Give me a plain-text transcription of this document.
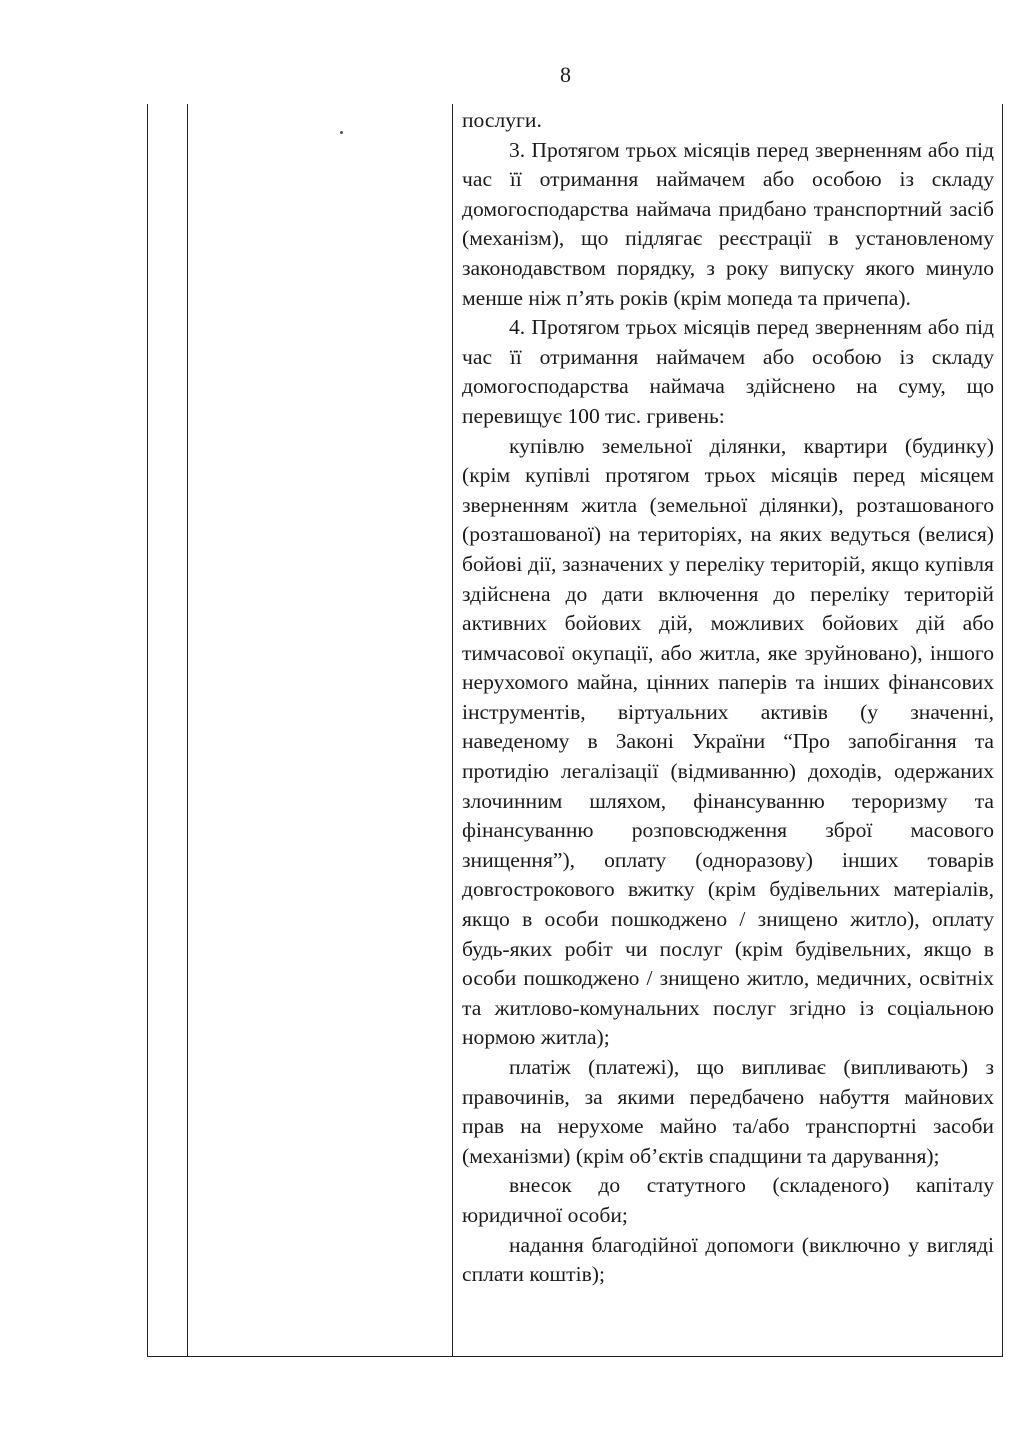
8

послуги.

3. Протягом трьох місяців перед зверненням або під час її отримання наймачем або особою із складу домогосподарства наймача придбано транспортний засіб (механізм), що підлягає реєстрації в установленому законодавством порядку, з року випуску якого минуло менше ніж п’ять років (крім мопеда та причепа).

4. Протягом трьох місяців перед зверненням або під час її отримання наймачем або особою із складу домогосподарства наймача здійснено на суму, що перевищує 100 тис. гривень:

купівлю земельної ділянки, квартири (будинку) (крім купівлі протягом трьох місяців перед місяцем зверненням житла (земельної ділянки), розташованого (розташованої) на територіях, на яких ведуться (велися) бойові дії, зазначених у переліку територій, якщо купівля здійснена до дати включення до переліку територій активних бойових дій, можливих бойових дій або тимчасової окупації, або житла, яке зруйновано), іншого нерухомого майна, цінних паперів та інших фінансових інструментів, віртуальних активів (у значенні, наведеному в Законі України “Про запобігання та протидію легалізації (відмиванню) доходів, одержаних злочинним шляхом, фінансуванню тероризму та фінансуванню розповсюдження зброї масового знищення”), оплату (одноразову) інших товарів довгострокового вжитку (крім будівельних матеріалів, якщо в особи пошкоджено / знищено житло), оплату будь-яких робіт чи послуг (крім будівельних, якщо в особи пошкоджено / знищено житло, медичних, освітніх та житлово-комунальних послуг згідно із соціальною нормою житла);

платіж (платежі), що випливає (випливають) з правочинів, за якими передбачено набуття майнових прав на нерухоме майно та/або транспортні засоби (механізми) (крім об’єктів спадщини та дарування);

внесок до статутного (складеного) капіталу юридичної особи;

надання благодійної допомоги (виключно у вигляді сплати коштів);
